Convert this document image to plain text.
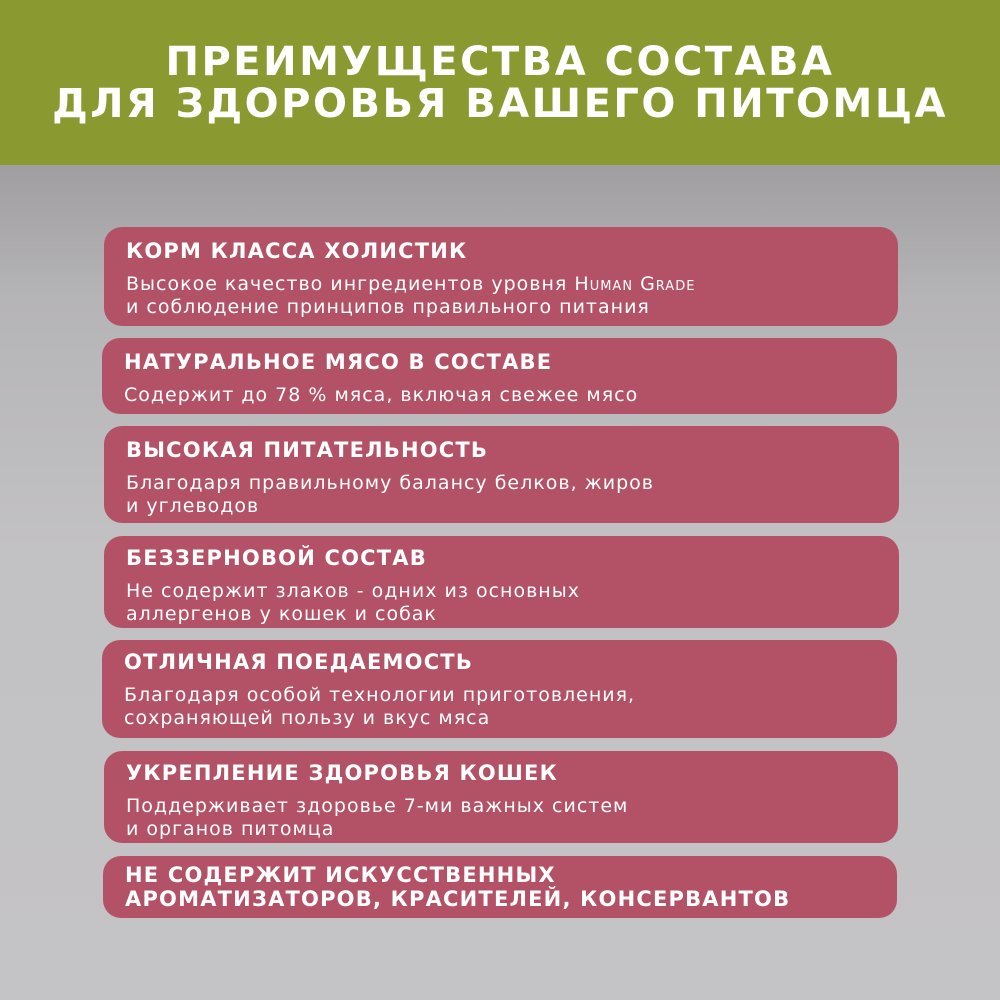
ПРЕИМУЩЕСТВА СОСТАВА
ДЛЯ ЗДОРОВЬЯ ВАШЕГО ПИТОМЦА
КОРМ КЛАССА ХОЛИСТИК
Высокое качество ингредиентов уровня Human Grade
и соблюдение принципов правильного питания
НАТУРАЛЬНОЕ МЯСО В СОСТАВЕ
Содержит до 78 % мяса, включая свежее мясо
ВЫСОКАЯ ПИТАТЕЛЬНОСТЬ
Благодаря правильному балансу белков, жиров
и углеводов
БЕЗЗЕРНОВОЙ СОСТАВ
Не содержит злаков - одних из основных
аллергенов у кошек и собак
ОТЛИЧНАЯ ПОЕДАЕМОСТЬ
Благодаря особой технологии приготовления,
сохраняющей пользу и вкус мяса
УКРЕПЛЕНИЕ ЗДОРОВЬЯ КОШЕК
Поддерживает здоровье 7-ми важных систем
и органов питомца
НЕ СОДЕРЖИТ ИСКУССТВЕННЫХ
АРОМАТИЗАТОРОВ, КРАСИТЕЛЕЙ, КОНСЕРВАНТОВ
